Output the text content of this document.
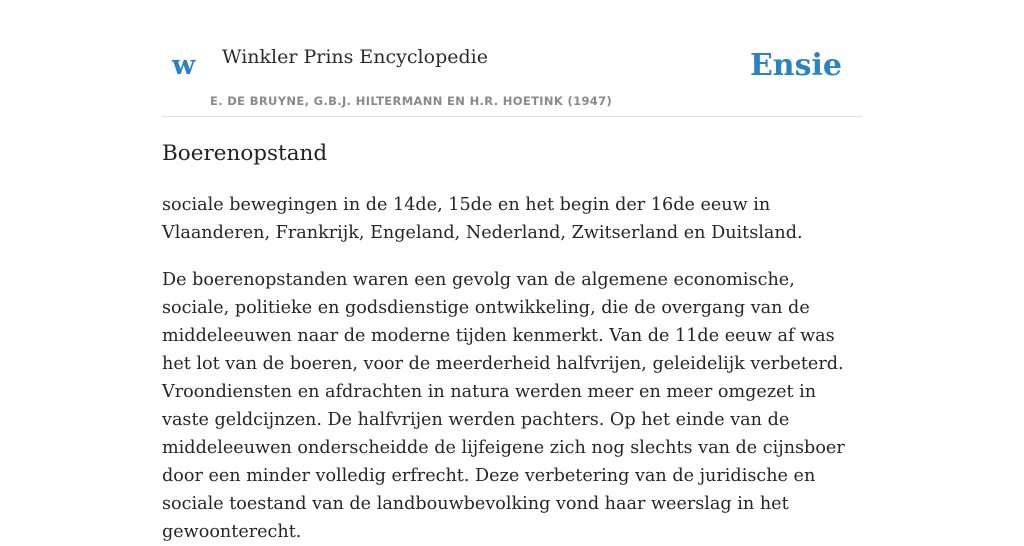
w Winkler Prins Encyclopedie
E. DE BRUYNE, G.B.J. HILTERMANN EN H.R. HOETINK (1947)
Ensie
Boerenopstand

sociale bewegingen in de 14de, 15de en het begin der 16de eeuw in Vlaanderen, Frankrijk, Engeland, Nederland, Zwitserland en Duitsland.

De boerenopstanden waren een gevolg van de algemene economische, sociale, politieke en godsdienstige ontwikkeling, die de overgang van de middeleeuwen naar de moderne tijden kenmerkt. Van de 11de eeuw af was het lot van de boeren, voor de meerderheid halfvrijen, geleidelijk verbeterd. Vroondiensten en afdrachten in natura werden meer en meer omgezet in vaste geldcijnzen. De halfvrijen werden pachters. Op het einde van de middeleeuwen onderscheidde de lijfeigene zich nog slechts van de cijnsboer door een minder volledig erfrecht. Deze verbetering van de juridische en sociale toestand van de landbouwbevolking vond haar weerslag in het gewoonterecht.
